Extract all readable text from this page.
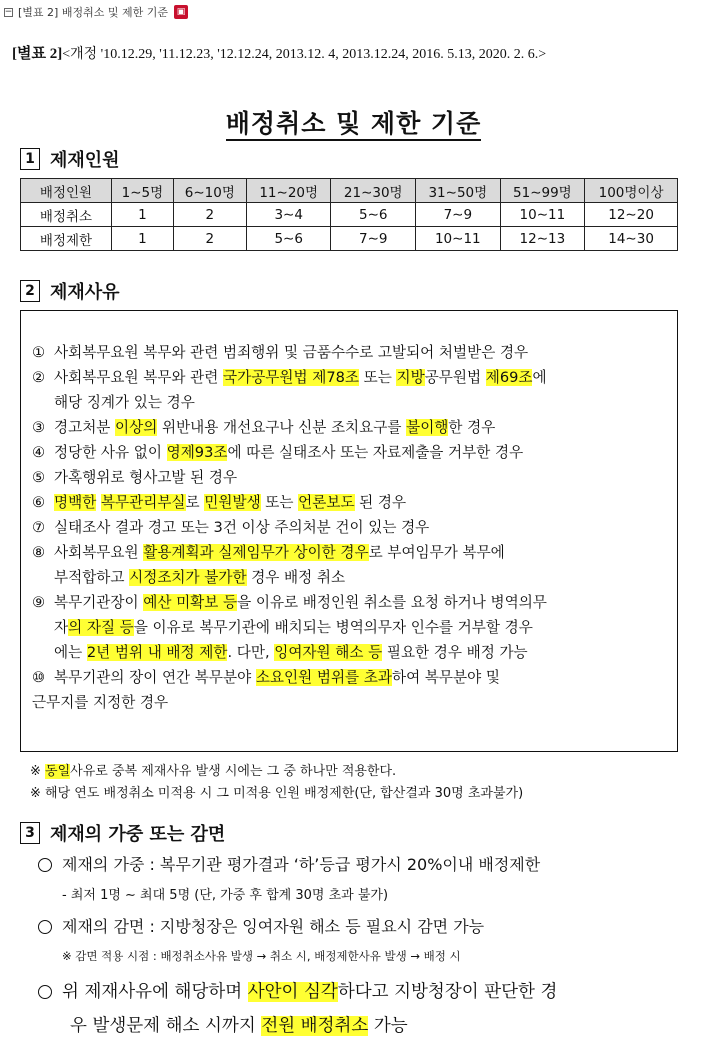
− [별표 2] 배정취소 및 제한 기준 ▣
[별표 2]<개정 '10.12.29, '11.12.23, '12.12.24, 2013.12. 4, 2013.12.24, 2016. 5.13, 2020. 2. 6.>
배정취소 및 제한 기준
1 제재인원
배정인원	1∼5명	6∼10명	11∼20명	21∼30명	31∼50명	51∼99명	100명이상
배정취소	1	2	3∼4	5∼6	7∼9	10∼11	12∼20
배정제한	1	2	5∼6	7∼9	10∼11	12∼13	14∼30
2 제재사유
① 사회복무요원 복무와 관련 범죄행위 및 금품수수로 고발되어 처벌받은 경우
② 사회복무요원 복무와 관련 국가공무원법 제78조 또는 지방공무원법 제69조에
해당 징계가 있는 경우
③ 경고처분 이상의 위반내용 개선요구나 신분 조치요구를 불이행한 경우
④ 정당한 사유 없이 영제93조에 따른 실태조사 또는 자료제출을 거부한 경우
⑤ 가혹행위로 형사고발 된 경우
⑥ 명백한 복무관리부실로 민원발생 또는 언론보도 된 경우
⑦ 실태조사 결과 경고 또는 3건 이상 주의처분 건이 있는 경우
⑧ 사회복무요원 활용계획과 실제임무가 상이한 경우로 부여임무가 복무에
부적합하고 시정조치가 불가한 경우 배정 취소
⑨ 복무기관장이 예산 미확보 등을 이유로 배정인원 취소를 요청 하거나 병역의무
자의 자질 등을 이유로 복무기관에 배치되는 병역의무자 인수를 거부할 경우
에는 2년 범위 내 배정 제한. 다만, 잉여자원 해소 등 필요한 경우 배정 가능
⑩ 복무기관의 장이 연간 복무분야 소요인원 범위를 초과하여 복무분야 및
근무지를 지정한 경우
※ 동일사유로 중복 제재사유 발생 시에는 그 중 하나만 적용한다.
※ 해당 연도 배정취소 미적용 시 그 미적용 인원 배정제한(단, 합산결과 30명 초과불가)
3 제재의 가중 또는 감면
제재의 가중 : 복무기관 평가결과 ‘하’등급 평가시 20%이내 배정제한
- 최저 1명 ∼ 최대 5명 (단, 가중 후 합계 30명 초과 불가)
제재의 감면 : 지방청장은 잉여자원 해소 등 필요시 감면 가능
※ 감면 적용 시점 : 배정취소사유 발생 → 취소 시, 배정제한사유 발생 → 배정 시
위 제재사유에 해당하며 사안이 심각하다고 지방청장이 판단한 경
우 발생문제 해소 시까지 전원 배정취소 가능
